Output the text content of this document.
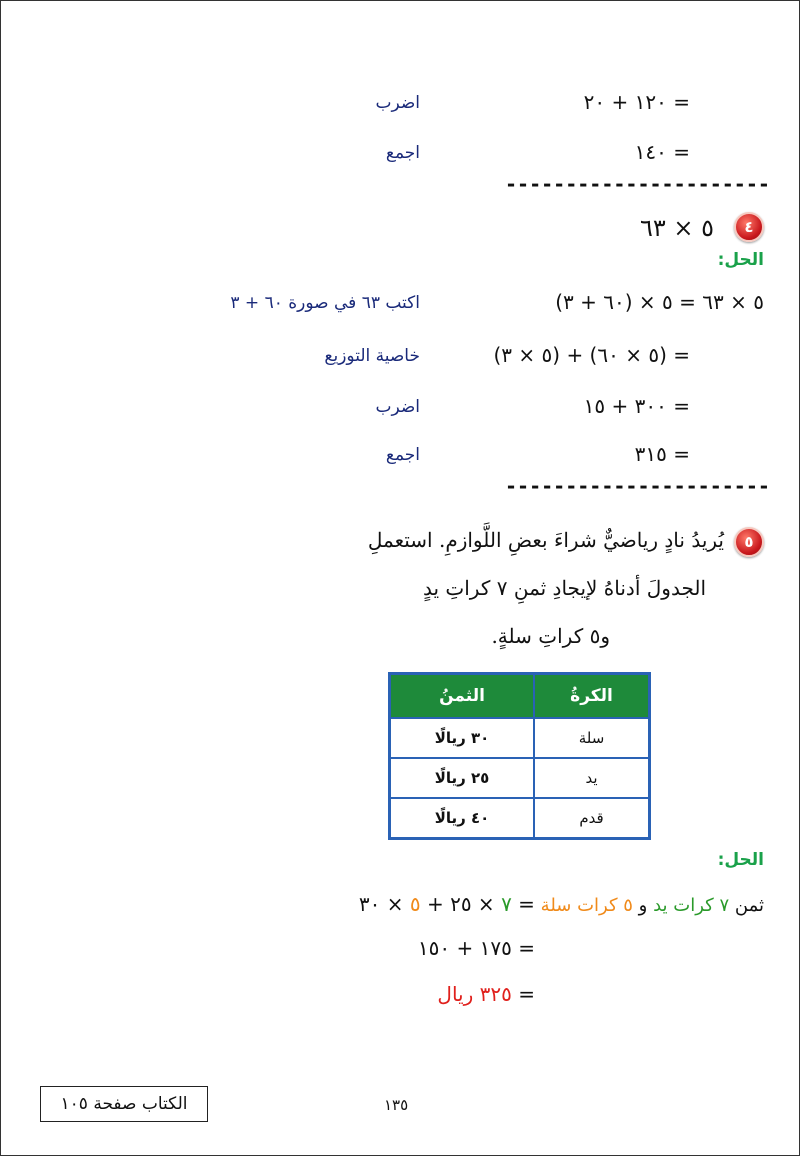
= ١٢٠ + ٢٠
اضرب
= ١٤٠
اجمع
----------------------
٤
٥ × ٦٣
الحل:
٥ × ٦٣ = ٥ × (٦٠ + ٣)
اكتب ٦٣ في صورة ٦٠ + ٣
= (٥ × ٦٠) + (٥ × ٣)
خاصية التوزيع
= ٣٠٠ + ١٥
اضرب
= ٣١٥
اجمع
----------------------
٥
يُريدُ نادٍ رياضيٌّ شراءَ بعضِ اللَّوازمِ. استعملِ
الجدولَ أدناهُ لإيجادِ ثمنِ ٧ كراتِ يدٍ
و٥ كراتِ سلةٍ.
الكرةُ	الثمنُ
سلة	٣٠ ريالًا
يد	٢٥ ريالًا
قدم	٤٠ ريالًا
الحل:
ثمن ٧ كرات يد و ٥ كرات سلة = ٧ × ٢٥ + ٥ × ٣٠
= ١٧٥ + ١٥٠
= ٣٢٥ ريال
١٣٥
الكتاب صفحة ١٠٥
